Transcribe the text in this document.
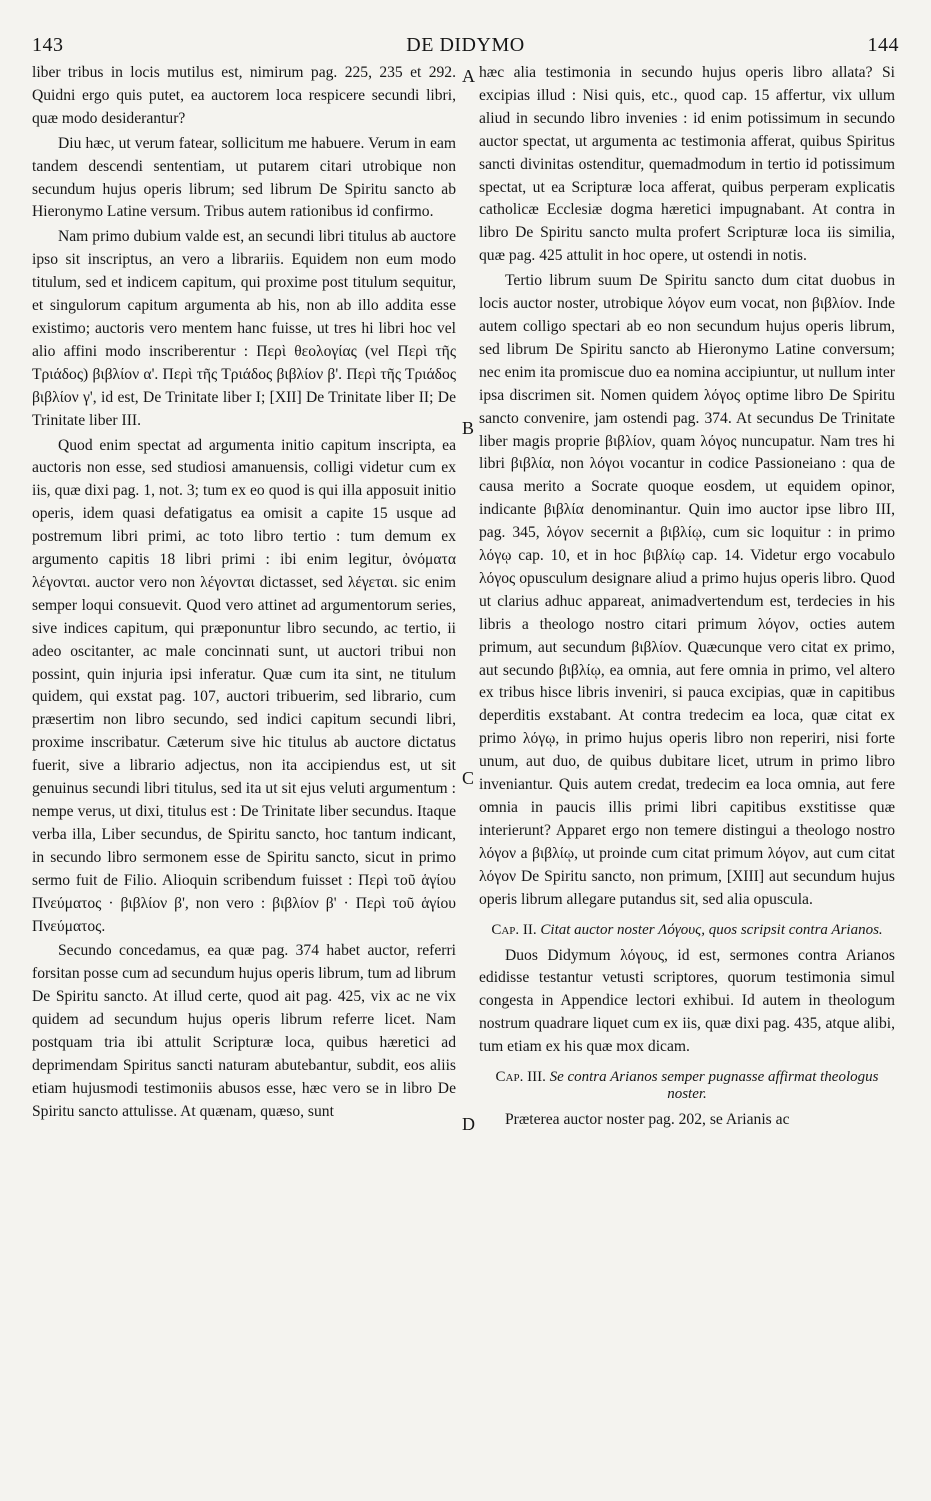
143	DE DIDYMO	144
A
B
C
D

liber tribus in locis mutilus est, nimirum pag. 225, 235 et 292. Quidni ergo quis putet, ea auctorem loca respicere secundi libri, quæ modo desiderantur?

Diu hæc, ut verum fatear, sollicitum me habuere. Verum in eam tandem descendi sententiam, ut putarem citari utrobique non secundum hujus operis librum; sed librum De Spiritu sancto ab Hieronymo Latine versum. Tribus autem rationibus id confirmo.

Nam primo dubium valde est, an secundi libri titulus ab auctore ipso sit inscriptus, an vero a librariis. Equidem non eum modo titulum, sed et indicem capitum, qui proxime post titulum sequitur, et singulorum capitum argumenta ab his, non ab illo addita esse existimo; auctoris vero mentem hanc fuisse, ut tres hi libri hoc vel alio affini modo inscriberentur : Περὶ θεολογίας (vel Περὶ τῆς Τριάδος) βιβλίον α'. Περὶ τῆς Τριάδος βιβλίον β'. Περὶ τῆς Τριάδος βιβλίον γ', id est, De Trinitate liber I; [XII] De Trinitate liber II; De Trinitate liber III.

Quod enim spectat ad argumenta initio capitum inscripta, ea auctoris non esse, sed studiosi amanuensis, colligi videtur cum ex iis, quæ dixi pag. 1, not. 3; tum ex eo quod is qui illa apposuit initio operis, idem quasi defatigatus ea omisit a capite 15 usque ad postremum libri primi, ac toto libro tertio : tum demum ex argumento capitis 18 libri primi : ibi enim legitur, ὀνόματα λέγονται. auctor vero non λέγονται dictasset, sed λέγεται. sic enim semper loqui consuevit. Quod vero attinet ad argumentorum series, sive indices capitum, qui præponuntur libro secundo, ac tertio, ii adeo oscitanter, ac male concinnati sunt, ut auctori tribui non possint, quin injuria ipsi inferatur. Quæ cum ita sint, ne titulum quidem, qui exstat pag. 107, auctori tribuerim, sed librario, cum præsertim non libro secundo, sed indici capitum secundi libri, proxime inscribatur. Cæterum sive hic titulus ab auctore dictatus fuerit, sive a librario adjectus, non ita accipiendus est, ut sit genuinus secundi libri titulus, sed ita ut sit ejus veluti argumentum : nempe verus, ut dixi, titulus est : De Trinitate liber secundus. Itaque verba illa, Liber secundus, de Spiritu sancto, hoc tantum indicant, in secundo libro sermonem esse de Spiritu sancto, sicut in primo sermo fuit de Filio. Alioquin scribendum fuisset : Περὶ τοῦ ἁγίου Πνεύματος · βιβλίον β', non vero : βιβλίον β' · Περὶ τοῦ ἁγίου Πνεύματος.

Secundo concedamus, ea quæ pag. 374 habet auctor, referri forsitan posse cum ad secundum hujus operis librum, tum ad librum De Spiritu sancto. At illud certe, quod ait pag. 425, vix ac ne vix quidem ad secundum hujus operis librum referre licet. Nam postquam tria ibi attulit Scripturæ loca, quibus hæretici ad deprimendam Spiritus sancti naturam abutebantur, subdit, eos aliis etiam hujusmodi testimoniis abusos esse, hæc vero se in libro De Spiritu sancto attulisse. At quænam, quæso, sunt

hæc alia testimonia in secundo hujus operis libro allata? Si excipias illud : Nisi quis, etc., quod cap. 15 affertur, vix ullum aliud in secundo libro invenies : id enim potissimum in secundo auctor spectat, ut argumenta ac testimonia afferat, quibus Spiritus sancti divinitas ostenditur, quemadmodum in tertio id potissimum spectat, ut ea Scripturæ loca afferat, quibus perperam explicatis catholicæ Ecclesiæ dogma hæretici impugnabant. At contra in libro De Spiritu sancto multa profert Scripturæ loca iis similia, quæ pag. 425 attulit in hoc opere, ut ostendi in notis.

Tertio librum suum De Spiritu sancto dum citat duobus in locis auctor noster, utrobique λόγον eum vocat, non βιβλίον. Inde autem colligo spectari ab eo non secundum hujus operis librum, sed librum De Spiritu sancto ab Hieronymo Latine conversum; nec enim ita promiscue duo ea nomina accipiuntur, ut nullum inter ipsa discrimen sit. Nomen quidem λόγος optime libro De Spiritu sancto convenire, jam ostendi pag. 374. At secundus De Trinitate liber magis proprie βιβλίον, quam λόγος nuncupatur. Nam tres hi libri βιβλία, non λόγοι vocantur in codice Passioneiano : qua de causa merito a Socrate quoque eosdem, ut equidem opinor, indicante βιβλία denominantur. Quin imo auctor ipse libro III, pag. 345, λόγον secernit a βιβλίῳ, cum sic loquitur : in primo λόγῳ cap. 10, et in hoc βιβλίῳ cap. 14. Videtur ergo vocabulo λόγος opusculum designare aliud a primo hujus operis libro. Quod ut clarius adhuc appareat, animadvertendum est, terdecies in his libris a theologo nostro citari primum λόγον, octies autem primum, aut secundum βιβλίον. Quæcunque vero citat ex primo, aut secundo βιβλίῳ, ea omnia, aut fere omnia in primo, vel altero ex tribus hisce libris inveniri, si pauca excipias, quæ in capitibus deperditis exstabant. At contra tredecim ea loca, quæ citat ex primo λόγῳ, in primo hujus operis libro non reperiri, nisi forte unum, aut duo, de quibus dubitare licet, utrum in primo libro inveniantur. Quis autem credat, tredecim ea loca omnia, aut fere omnia in paucis illis primi libri capitibus exstitisse quæ interierunt? Apparet ergo non temere distingui a theologo nostro λόγον a βιβλίῳ, ut proinde cum citat primum λόγον, aut cum citat λόγον De Spiritu sancto, non primum, [XIII] aut secundum hujus operis librum allegare putandus sit, sed alia opuscula.

Cap. II. Citat auctor noster Λόγους, quos scripsit contra Arianos.

Duos Didymum λόγους, id est, sermones contra Arianos edidisse testantur vetusti scriptores, quorum testimonia simul congesta in Appendice lectori exhibui. Id autem in theologum nostrum quadrare liquet cum ex iis, quæ dixi pag. 435, atque alibi, tum etiam ex his quæ mox dicam.

Cap. III. Se contra Arianos semper pugnasse affirmat theologus noster.

Præterea auctor noster pag. 202, se Arianis ac
